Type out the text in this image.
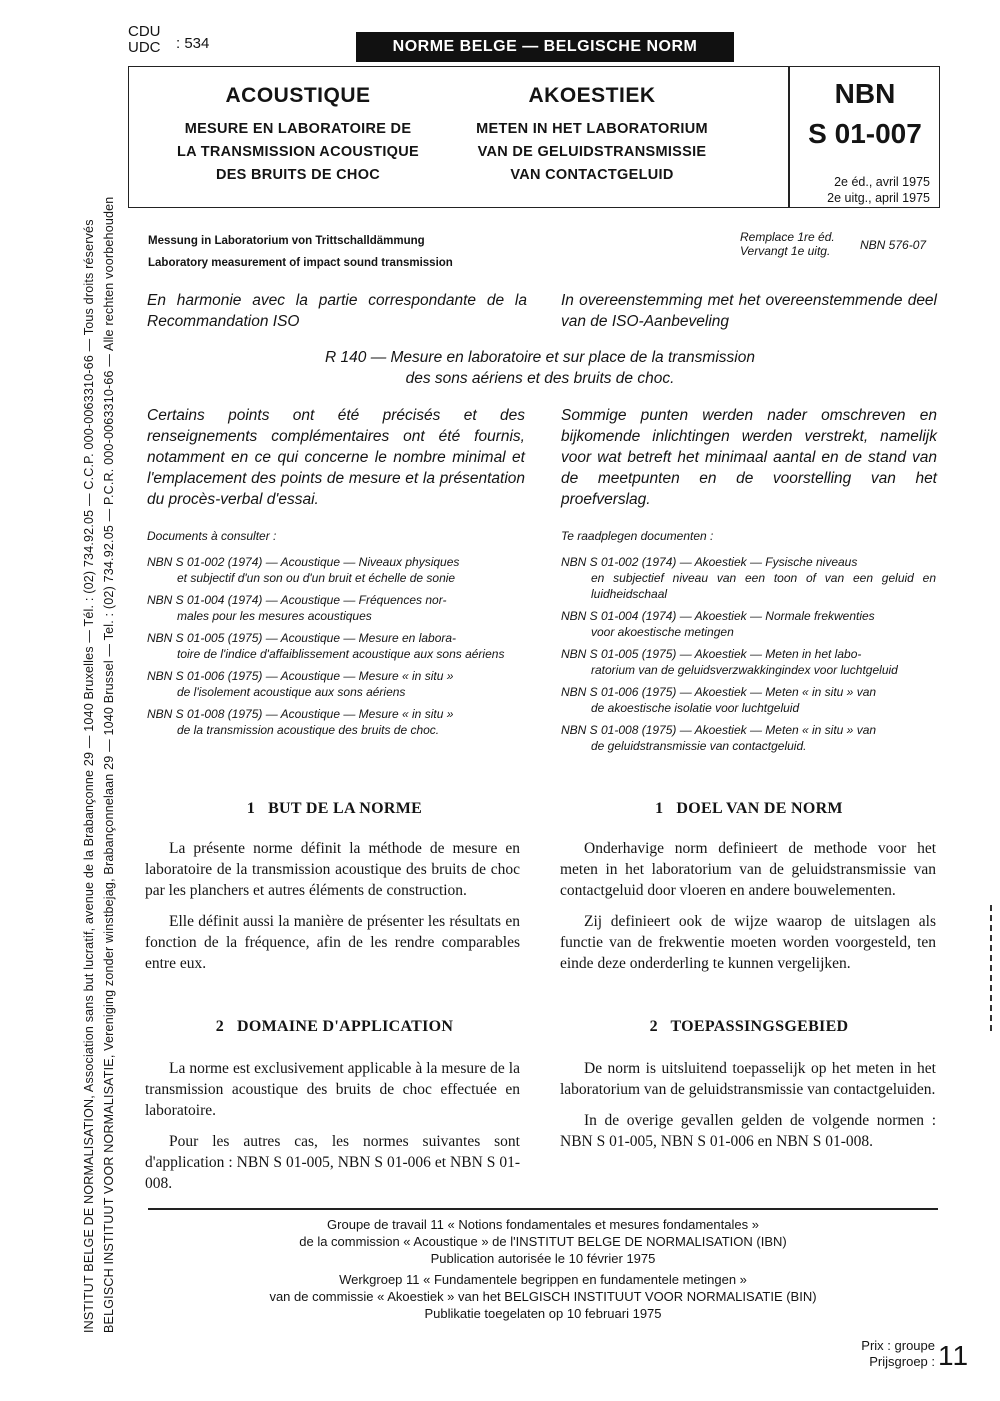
CDU
UDC : 534	NORME BELGE — BELGISCHE NORM
ACOUSTIQUE
MESURE EN LABORATOIRE DE
LA TRANSMISSION ACOUSTIQUE
DES BRUITS DE CHOC
AKOESTIEK
METEN IN HET LABORATORIUM
VAN DE GELUIDSTRANSMISSIE
VAN CONTACTGELUID
NBN
S 01-007
2e éd., avril 1975
2e uitg., april 1975
Messung in Laboratorium von Trittschalldämmung
Laboratory measurement of impact sound transmission
Remplace 1re éd.
Vervangt 1e uitg.	NBN 576-07
En harmonie avec la partie correspondante de la Recommandation ISO
In overeenstemming met het overeenstemmende deel van de ISO-Aanbeveling
R 140 — Mesure en laboratoire et sur place de la transmission
des sons aériens et des bruits de choc.
Certains points ont été précisés et des renseignements complémentaires ont été fournis, notamment en ce qui concerne le nombre minimal et l'emplacement des points de mesure et la présentation du procès-verbal d'essai.
Sommige punten werden nader omschreven en bijkomende inlichtingen werden verstrekt, namelijk voor wat betreft het minimaal aantal en de stand van de meetpunten en de voorstelling van het proefverslag.
Documents à consulter :
NBN S 01-002 (1974) — Acoustique — Niveaux physiques
et subjectif d'un son ou d'un bruit et échelle de sonie
NBN S 01-004 (1974) — Acoustique — Fréquences nor-
males pour les mesures acoustiques
NBN S 01-005 (1975) — Acoustique — Mesure en labora-
toire de l'indice d'affaiblissement acoustique aux sons aériens
NBN S 01-006 (1975) — Acoustique — Mesure « in situ »
de l'isolement acoustique aux sons aériens
NBN S 01-008 (1975) — Acoustique — Mesure « in situ »
de la transmission acoustique des bruits de choc.
Te raadplegen documenten :
NBN S 01-002 (1974) — Akoestiek — Fysische niveaus
en subjectief niveau van een toon of van een geluid en luidheidschaal
NBN S 01-004 (1974) — Akoestiek — Normale frekwenties
voor akoestische metingen
NBN S 01-005 (1975) — Akoestiek — Meten in het labo-
ratorium van de geluidsverzwakkingindex voor luchtgeluid
NBN S 01-006 (1975) — Akoestiek — Meten « in situ » van
de akoestische isolatie voor luchtgeluid
NBN S 01-008 (1975) — Akoestiek — Meten « in situ » van
de geluidstransmissie van contactgeluid.
1   BUT DE LA NORME	1   DOEL VAN DE NORM

La présente norme définit la méthode de mesure en laboratoire de la transmission acoustique des bruits de choc par les planchers et autres éléments de construction.

Elle définit aussi la manière de présenter les résultats en fonction de la fréquence, afin de les rendre comparables entre eux.

Onderhavige norm definieert de methode voor het meten in het laboratorium van de geluidstransmissie van contactgeluid door vloeren en andere bouwelementen.

Zij definieert ook de wijze waarop de uitslagen als functie van de frekwentie moeten worden voorgesteld, ten einde deze onderderling te kunnen vergelijken.

2   DOMAINE D'APPLICATION	2   TOEPASSINGSGEBIED

La norme est exclusivement applicable à la mesure de la transmission acoustique des bruits de choc effectuée en laboratoire.

Pour les autres cas, les normes suivantes sont d'application : NBN S 01-005, NBN S 01-006 et NBN S 01-008.

De norm is uitsluitend toepasselijk op het meten in het laboratorium van de geluidstransmissie van contactgeluiden.

In de overige gevallen gelden de volgende normen : NBN S 01-005, NBN S 01-006 en NBN S 01-008.

Groupe de travail 11 « Notions fondamentales et mesures fondamentales »
de la commission « Acoustique » de l'INSTITUT BELGE DE NORMALISATION (IBN)
Publication autorisée le 10 février 1975
Werkgroep 11 « Fundamentele begrippen en fundamentele metingen »
van de commissie « Akoestiek » van het BELGISCH INSTITUUT VOOR NORMALISATIE (BIN)
Publikatie toegelaten op 10 februari 1975
Prix : groupe
Prijsgroep : 11
INSTITUT BELGE DE NORMALISATION, Association sans but lucratif, avenue de la Brabançonne 29 — 1040 Bruxelles — Tél. : (02) 734.92.05 — C.C.P. 000-0063310-66 — Tous droits réservés BELGISCH INSTITUUT VOOR NORMALISATIE, Vereniging zonder winstbejag, Brabançonnelaan 29 — 1040 Brussel — Tel. : (02) 734.92.05 — P.C.R. 000-0063310-66 — Alle rechten voorbehouden
